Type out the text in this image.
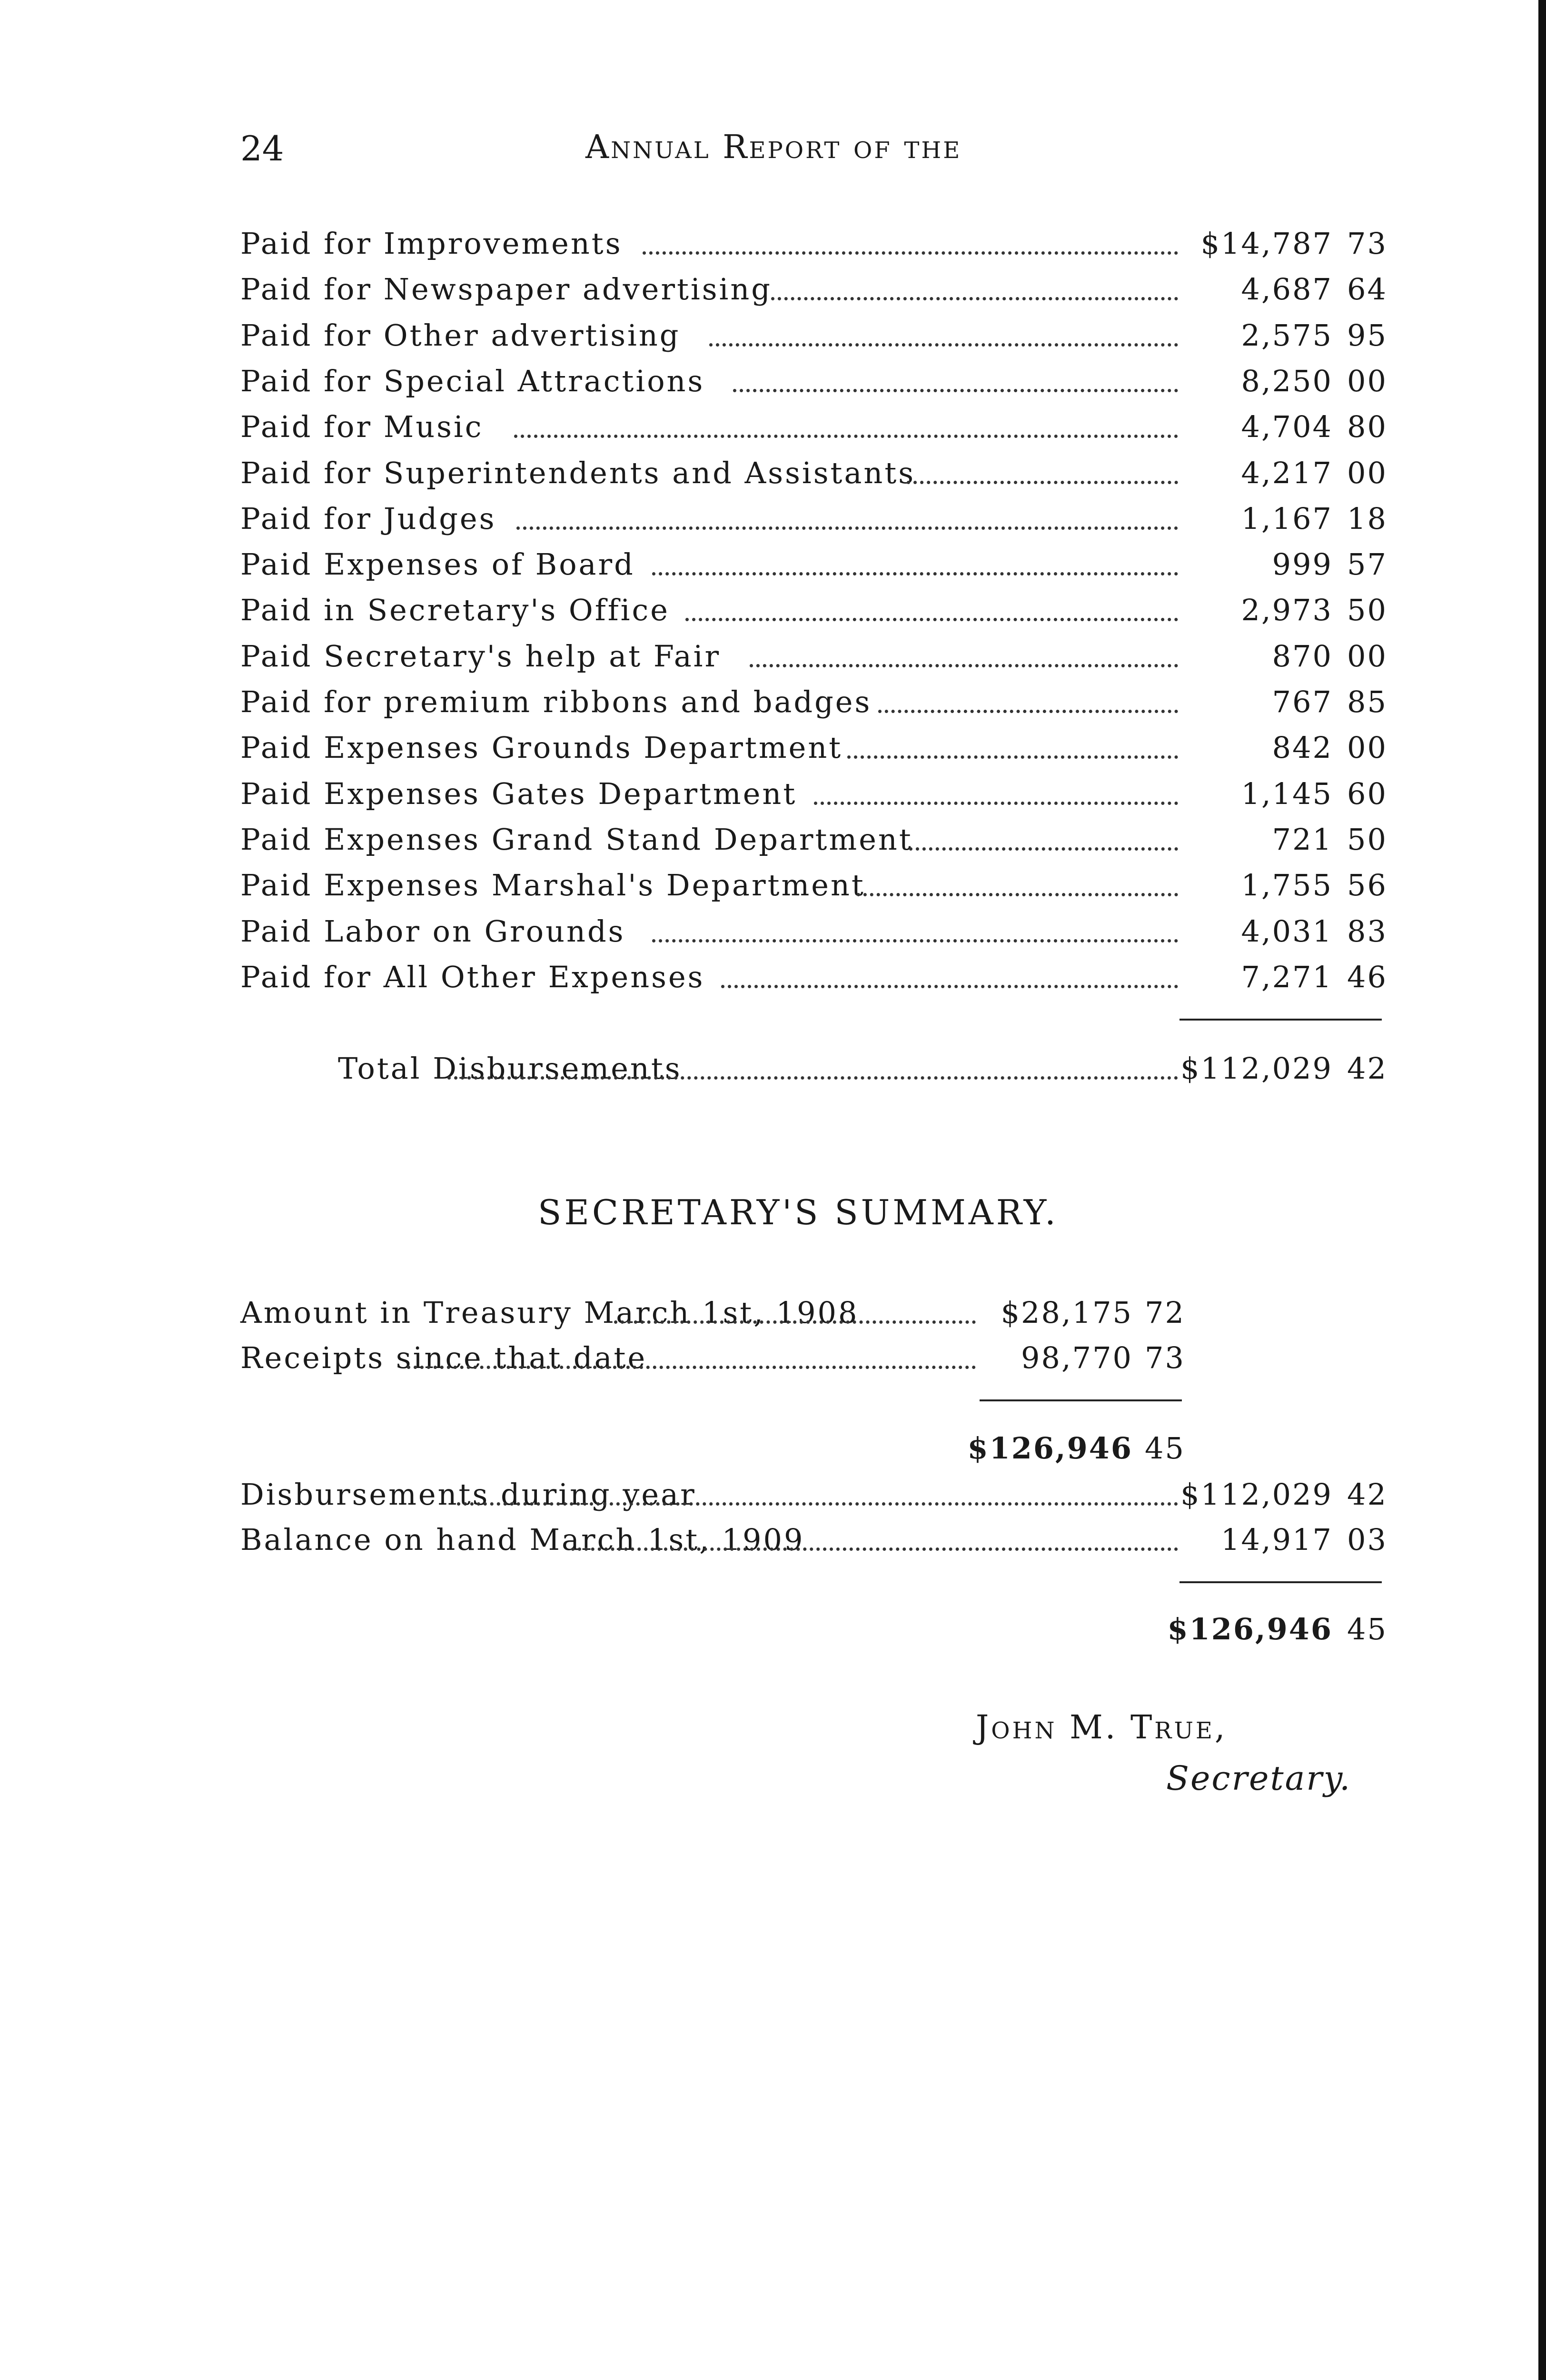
24	Annual Report of the
Paid for Improvements	$14,787 73
Paid for Newspaper advertising	4,687 64
Paid for Other advertising	2,575 95
Paid for Special Attractions	8,250 00
Paid for Music	4,704 80
Paid for Superintendents and Assistants	4,217 00
Paid for Judges	1,167 18
Paid Expenses of Board	999 57
Paid in Secretary's Office	2,973 50
Paid Secretary's help at Fair	870 00
Paid for premium ribbons and badges	767 85
Paid Expenses Grounds Department	842 00
Paid Expenses Gates Department	1,145 60
Paid Expenses Grand Stand Department	721 50
Paid Expenses Marshal's Department	1,755 56
Paid Labor on Grounds	4,031 83
Paid for All Other Expenses	7,271 46
Total Disbursements	$112,029 42
SECRETARY'S SUMMARY.
Amount in Treasury March 1st, 1908	$28,175 72
Receipts since that date	98,770 73
$126,946 45
Disbursements during year	$112,029 42
Balance on hand March 1st, 1909	14,917 03
$126,946 45
John M. True,
Secretary.
